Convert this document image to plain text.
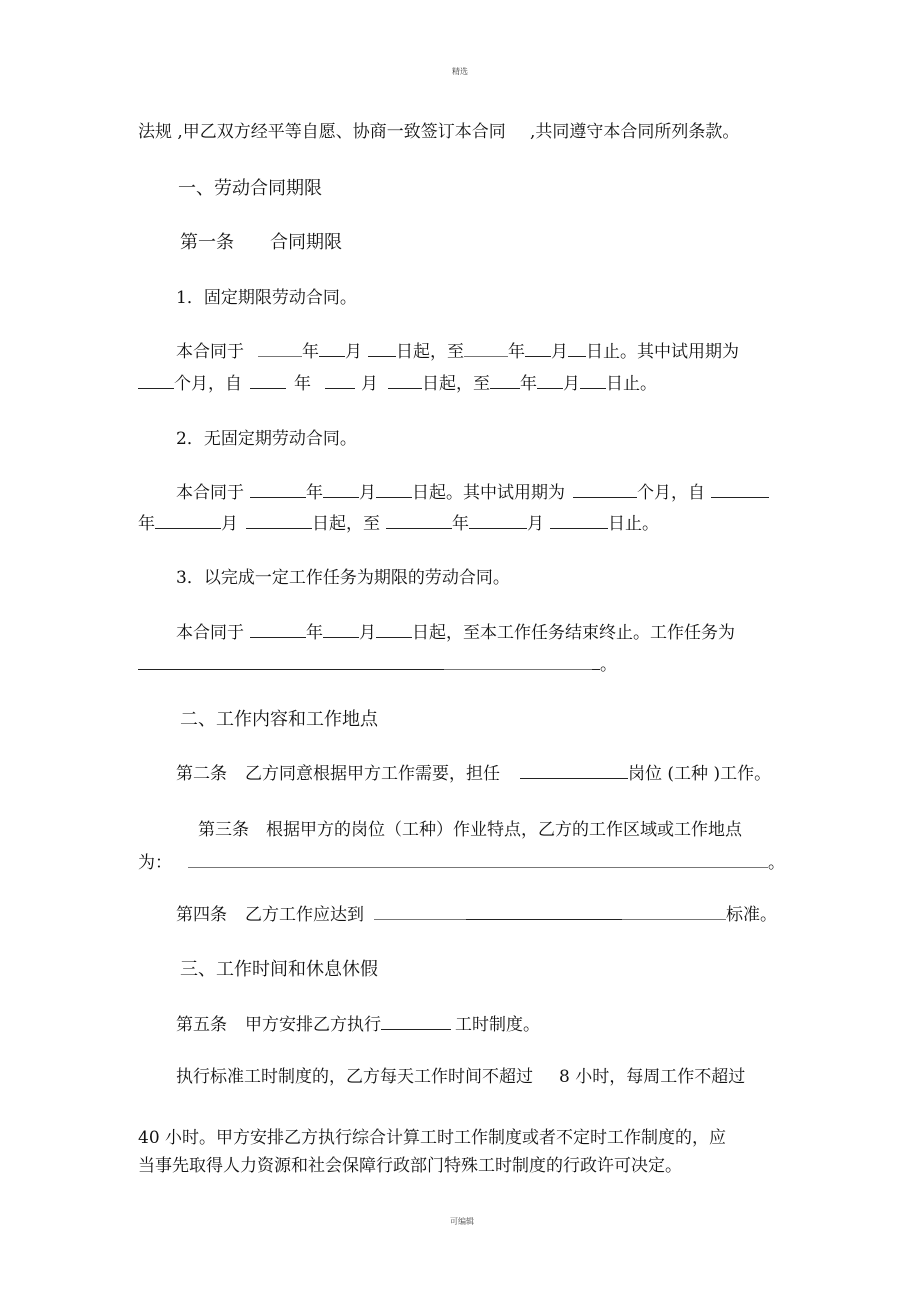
精选
可编辑
法规 ,甲乙双方经平等自愿、协商一致签订本合同 ,共同遵守本合同所列条款。
一、劳动合同期限
第一条 合同期限
1．固定期限劳动合同。
本合同于	年 月 日起，至	年 月 日止。其中试用期为
个月，自	年	月	日起，至 年 月 日止。
2．无固定期劳动合同。
本合同于	年 月 日起。其中试用期为	个月，自
年	月	日起，至	年	月	日止。
3．以完成一定工作任务为期限的劳动合同。
本合同于	年 月 日起，至本工作任务结束终止。工作任务为
。
二、工作内容和工作地点
第二条 乙方同意根据甲方工作需要，担任	岗位 (工种 )工作。
第三条　根据甲方的岗位（工种）作业特点，乙方的工作区域或工作地点
为：	。
第四条 乙方工作应达到	标准。
三、工作时间和休息休假
第五条 甲方安排乙方执行	工时制度。
执行标准工时制度的，乙方每天工作时间不超过 8 小时，每周工作不超过
40 小时。甲方安排乙方执行综合计算工时工作制度或者不定时工作制度的，应
当事先取得人力资源和社会保障行政部门特殊工时制度的行政许可决定。
